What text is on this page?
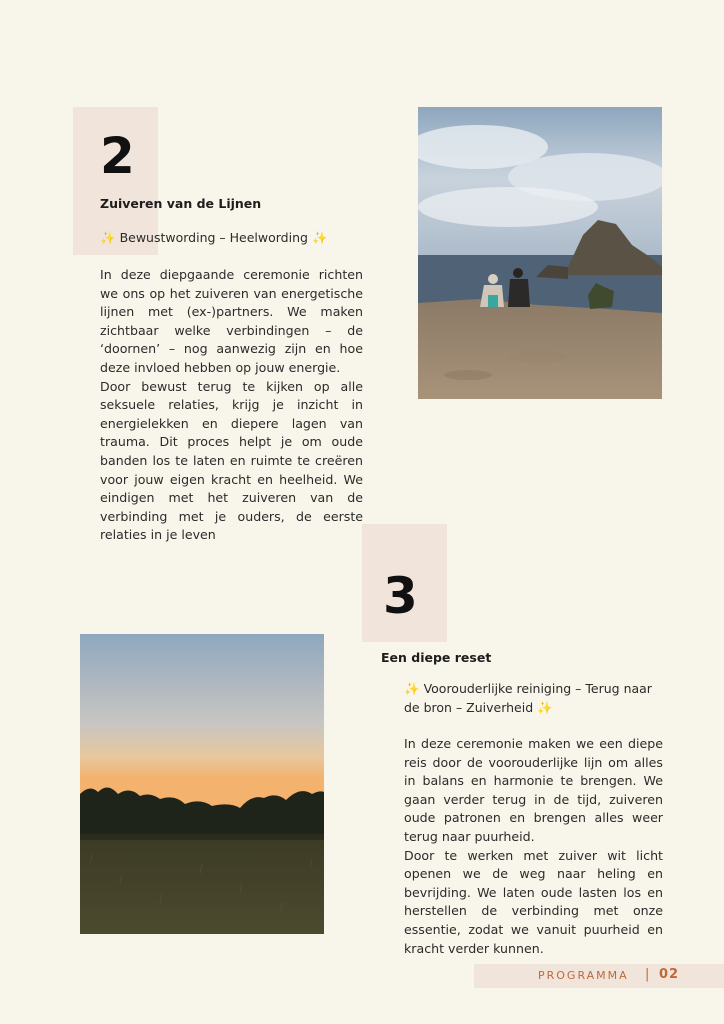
2
Zuiveren van de Lijnen
✨ Bewustwording – Heelwording ✨

In deze diepgaande ceremonie richten we ons op het zuiveren van energetische lijnen met (ex-)partners. We maken zichtbaar welke verbindingen – de ‘doornen’ – nog aanwezig zijn en hoe deze invloed hebben op jouw energie.

Door bewust terug te kijken op alle seksuele relaties, krijg je inzicht in energielekken en diepere lagen van trauma. Dit proces helpt je om oude banden los te laten en ruimte te creëren voor jouw eigen kracht en heelheid. We eindigen met het zuiveren van de verbinding met je ouders, de eerste relaties in je leven

3
Een diepe reset
✨ Voorouderlijke reiniging – Terug naar de bron – Zuiverheid ✨

In deze ceremonie maken we een diepe reis door de voorouderlijke lijn om alles in balans en harmonie te brengen. We gaan verder terug in de tijd, zuiveren oude patronen en brengen alles weer terug naar puurheid.

Door te werken met zuiver wit licht openen we de weg naar heling en bevrijding. We laten oude lasten los en herstellen de verbinding met onze essentie, zodat we vanuit puurheid en kracht verder kunnen.

PROGRAMMA | 02
